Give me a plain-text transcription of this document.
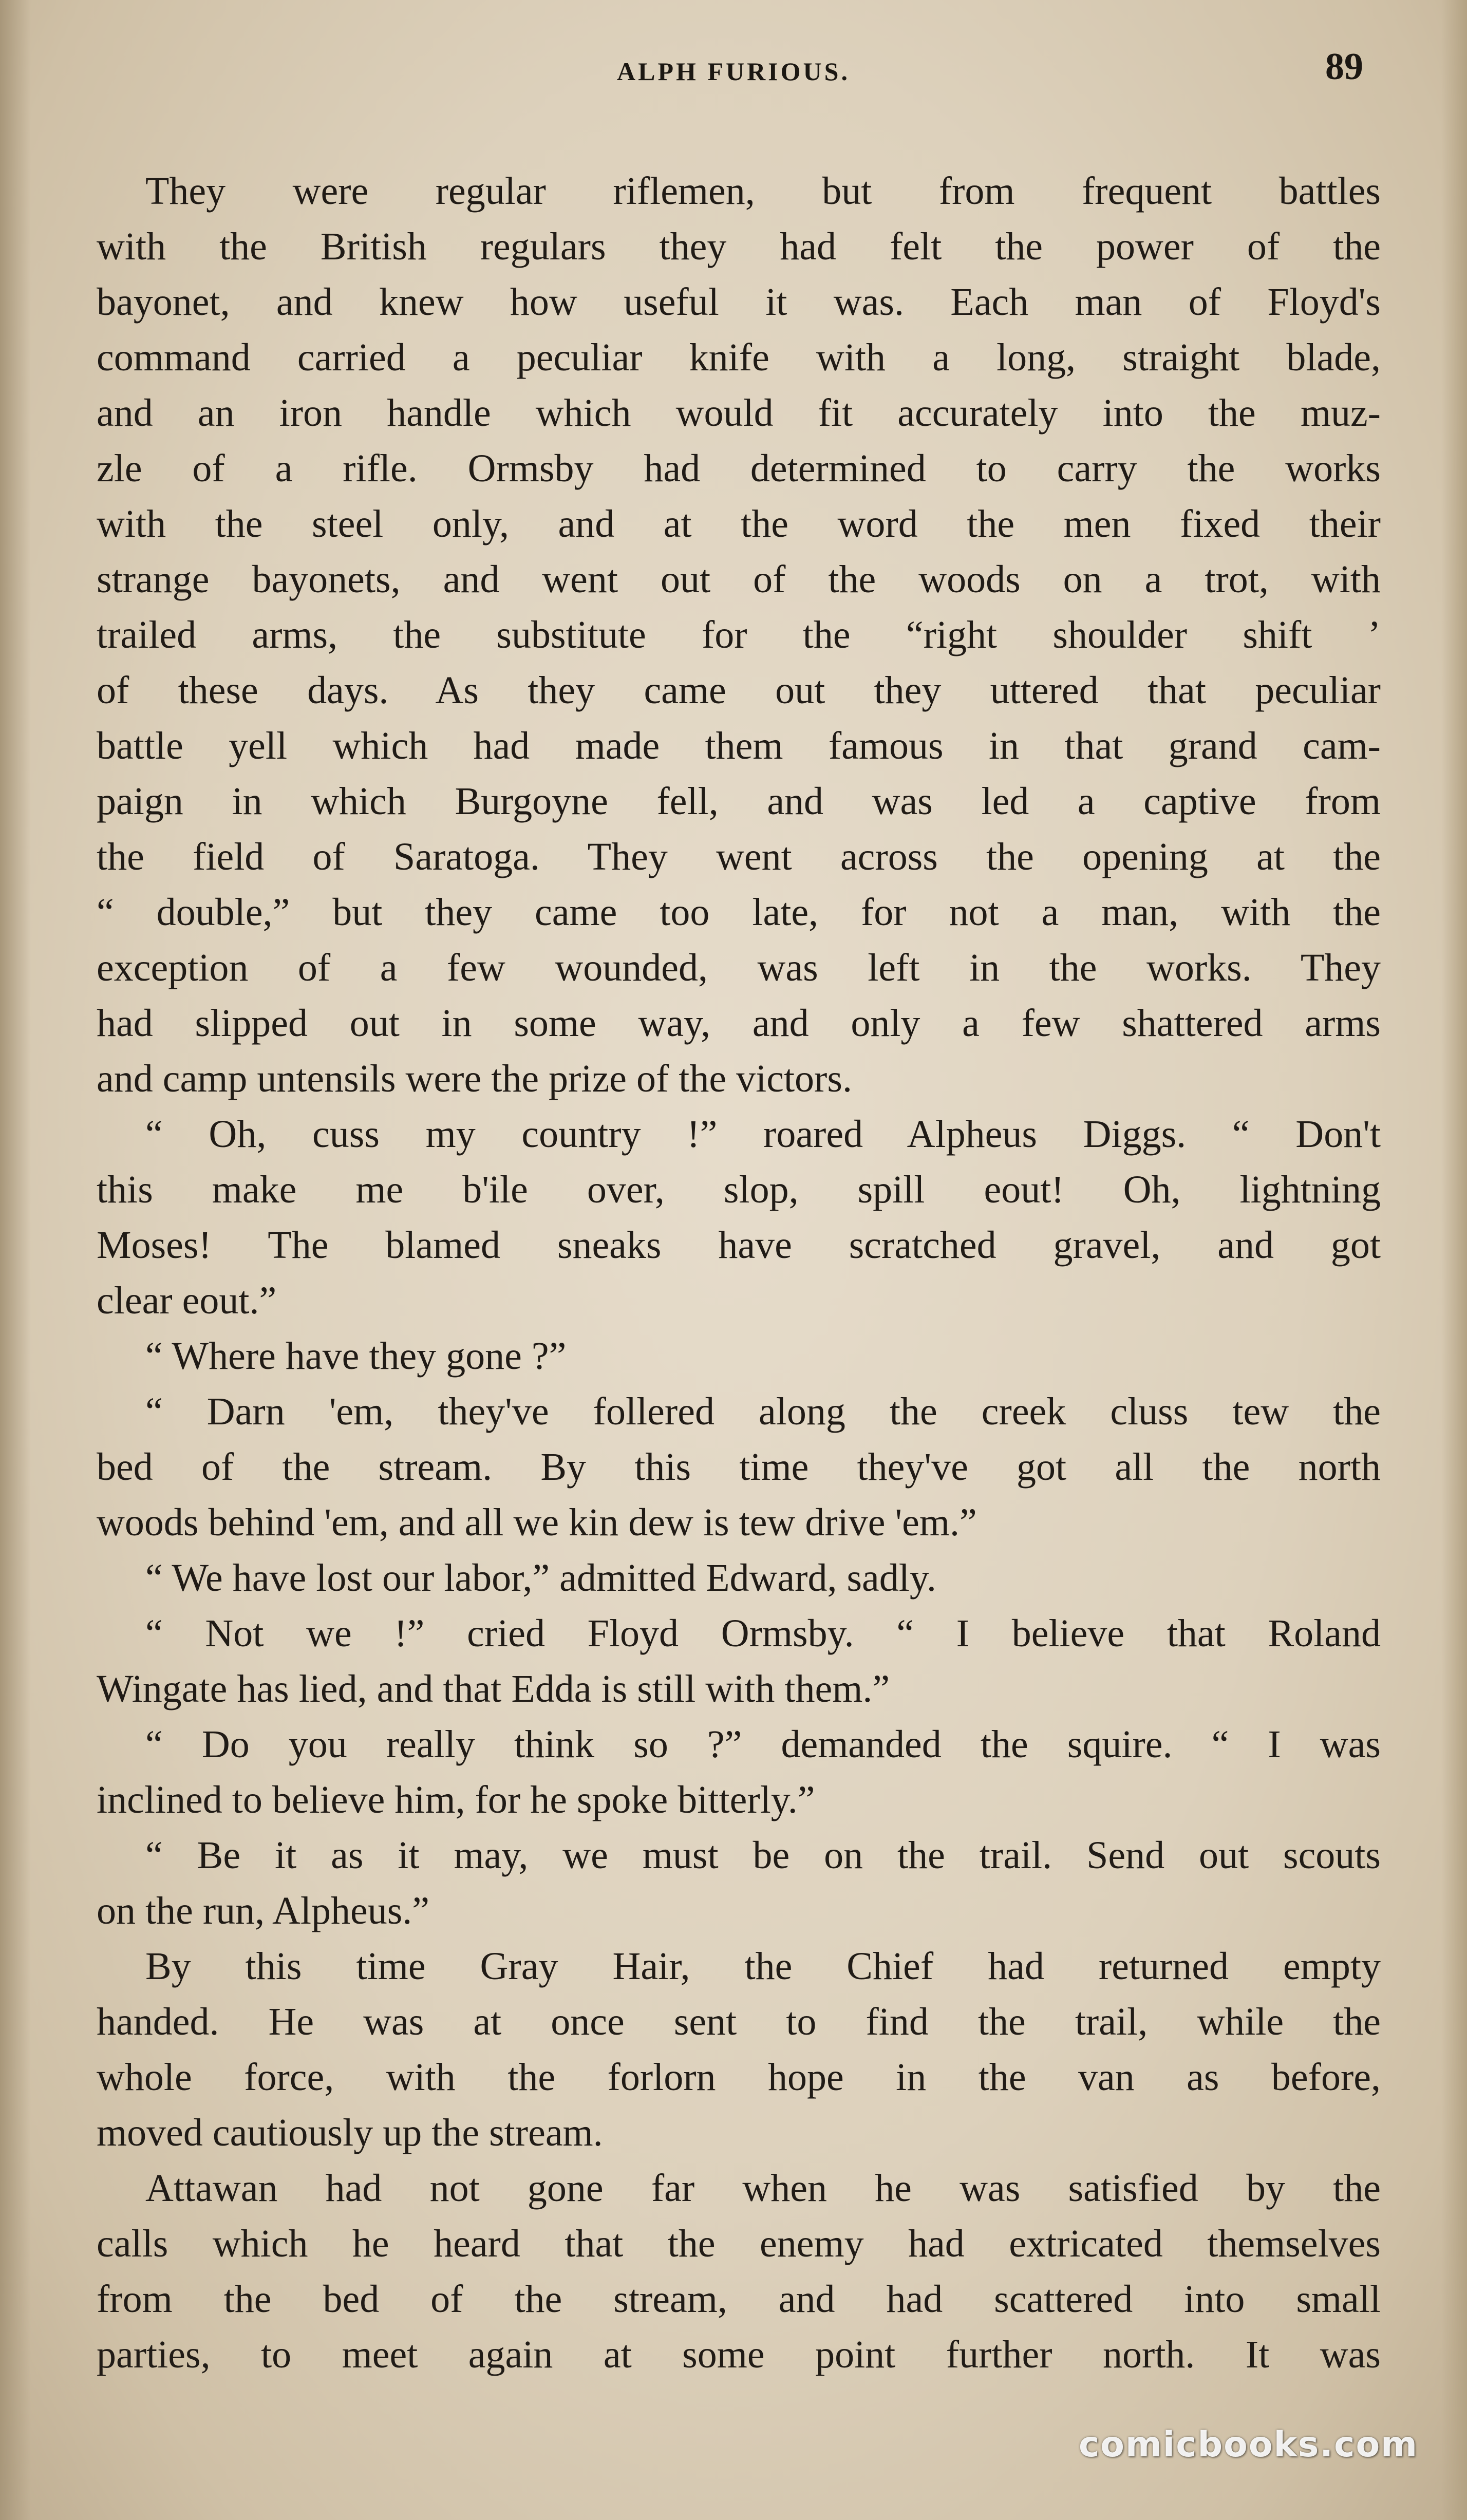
ALPH FURIOUS.	89
They were regular riflemen, but from frequent battles
with the British regulars they had felt the power of the
bayonet, and knew how useful it was. Each man of Floyd's
command carried a peculiar knife with a long, straight blade,
and an iron handle which would fit accurately into the muz-
zle of a rifle. Ormsby had determined to carry the works
with the steel only, and at the word the men fixed their
strange bayonets, and went out of the woods on a trot, with
trailed arms, the substitute for the “right shoulder shift ’
of these days. As they came out they uttered that peculiar
battle yell which had made them famous in that grand cam-
paign in which Burgoyne fell, and was led a captive from
the field of Saratoga. They went across the opening at the
“ double,” but they came too late, for not a man, with the
exception of a few wounded, was left in the works. They
had slipped out in some way, and only a few shattered arms
and camp untensils were the prize of the victors.
“ Oh, cuss my country !” roared Alpheus Diggs. “ Don't
this make me b'ile over, slop, spill eout! Oh, lightning
Moses! The blamed sneaks have scratched gravel, and got
clear eout.”
“ Where have they gone ?”
“ Darn 'em, they've follered along the creek cluss tew the
bed of the stream. By this time they've got all the north
woods behind 'em, and all we kin dew is tew drive 'em.”
“ We have lost our labor,” admitted Edward, sadly.
“ Not we !” cried Floyd Ormsby. “ I believe that Roland
Wingate has lied, and that Edda is still with them.”
“ Do you really think so ?” demanded the squire. “ I was
inclined to believe him, for he spoke bitterly.”
“ Be it as it may, we must be on the trail. Send out scouts
on the run, Alpheus.”
By this time Gray Hair, the Chief had returned empty
handed. He was at once sent to find the trail, while the
whole force, with the forlorn hope in the van as before,
moved cautiously up the stream.
Attawan had not gone far when he was satisfied by the
calls which he heard that the enemy had extricated themselves
from the bed of the stream, and had scattered into small
parties, to meet again at some point further north. It was
comicbooks.com
